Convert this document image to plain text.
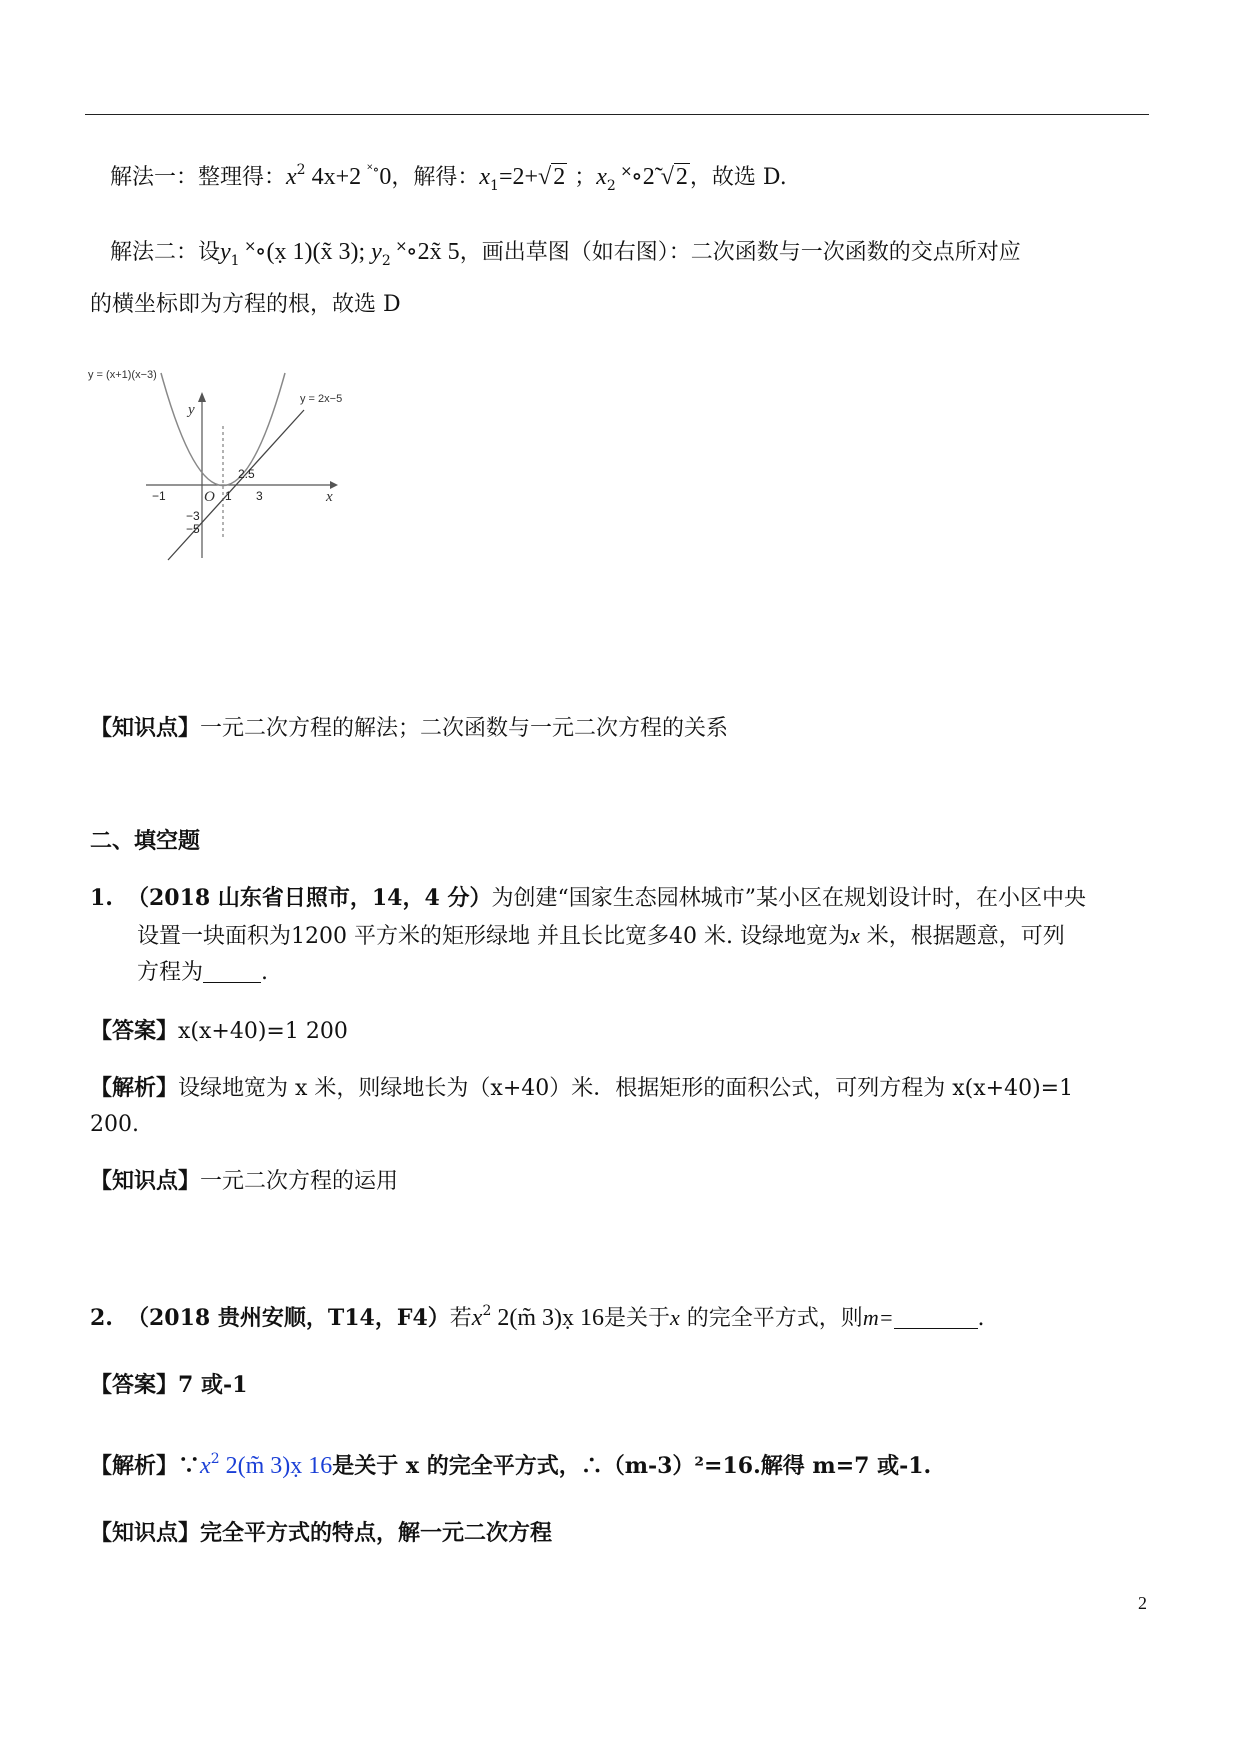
解法一：整理得：$x^2$ 4x+2 ˟∘0，解得：$x_1=2+√2$ ；$x_2$ ˟∘2̃ √2，故选 D.
解法二：设$y_1$ ˟∘(x̣ 1)(x̃ 3); $y_2$ ˟∘2x̃ 5，画出草图（如右图）：二次函数与一次函数的交点所对应
的横坐标即为方程的根，故选 D
y = (x+1)(x−3)
y = 2x−5
y
x
O
−1	1 3
2.5
−3
−5
【知识点】一元二次方程的解法；二次函数与一元二次方程的关系
二、填空题
1. （2018 山东省日照市，14，4 分）为创建“国家生态园林城市”某小区在规划设计时，在小区中央
设置一块面积为1200 平方米的矩形绿地 并且长比宽多40 米. 设绿地宽为x 米，根据题意，可列
方程为	.
【答案】x(x+40)=1 200
【解析】设绿地宽为 x 米，则绿地长为（x+40）米．根据矩形的面积公式，可列方程为 x(x+40)=1
200.
【知识点】一元二次方程的运用
2. （2018 贵州安顺，T14，F4）若$x^2$ 2(m̃ 3)x̣ 16是关于x 的完全平方式，则m=	.
【答案】7 或-1
【解析】$\because x^2$ 2(m̃ 3)x̣ 16是关于 x 的完全平方式，∴（m-3）²=16.解得 m=7 或-1.
【知识点】完全平方式的特点，解一元二次方程
2
